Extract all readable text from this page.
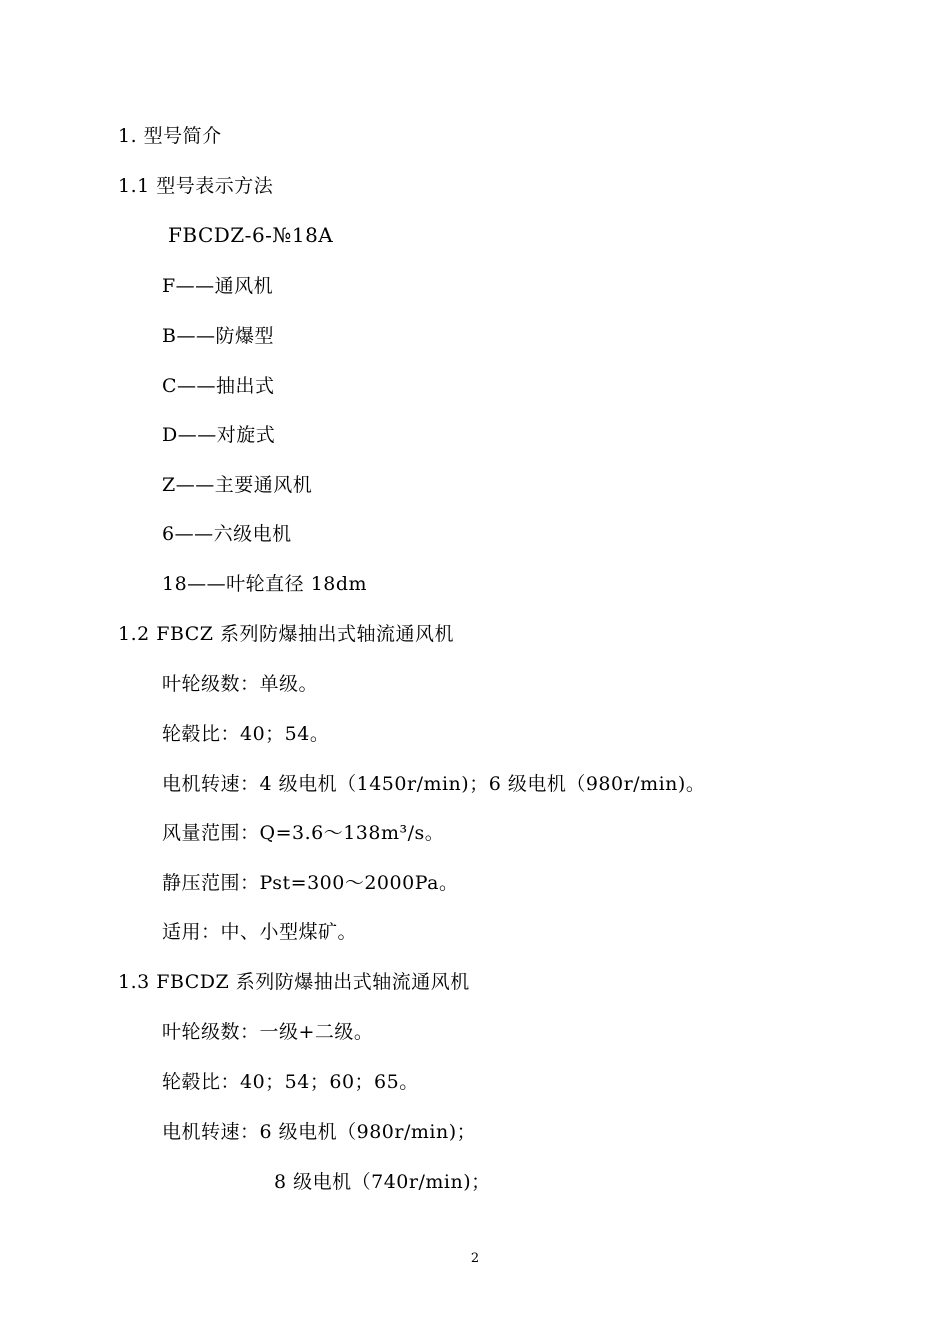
1. 型号简介
1.1 型号表示方法
FBCDZ-6-№18A
F——通风机
B——防爆型
C——抽出式
D——对旋式
Z——主要通风机
6——六级电机
18——叶轮直径 18dm
1.2 FBCZ 系列防爆抽出式轴流通风机
叶轮级数：单级。
轮毂比：40；54。
电机转速：4 级电机（1450r/min)；6 级电机（980r/min)。
风量范围：Q=3.6～138m³/s。
静压范围：Pst=300～2000Pa。
适用：中、小型煤矿。
1.3 FBCDZ 系列防爆抽出式轴流通风机
叶轮级数：一级+二级。
轮毂比：40；54；60；65。
电机转速：6 级电机（980r/min)；
8 级电机（740r/min)；
2
